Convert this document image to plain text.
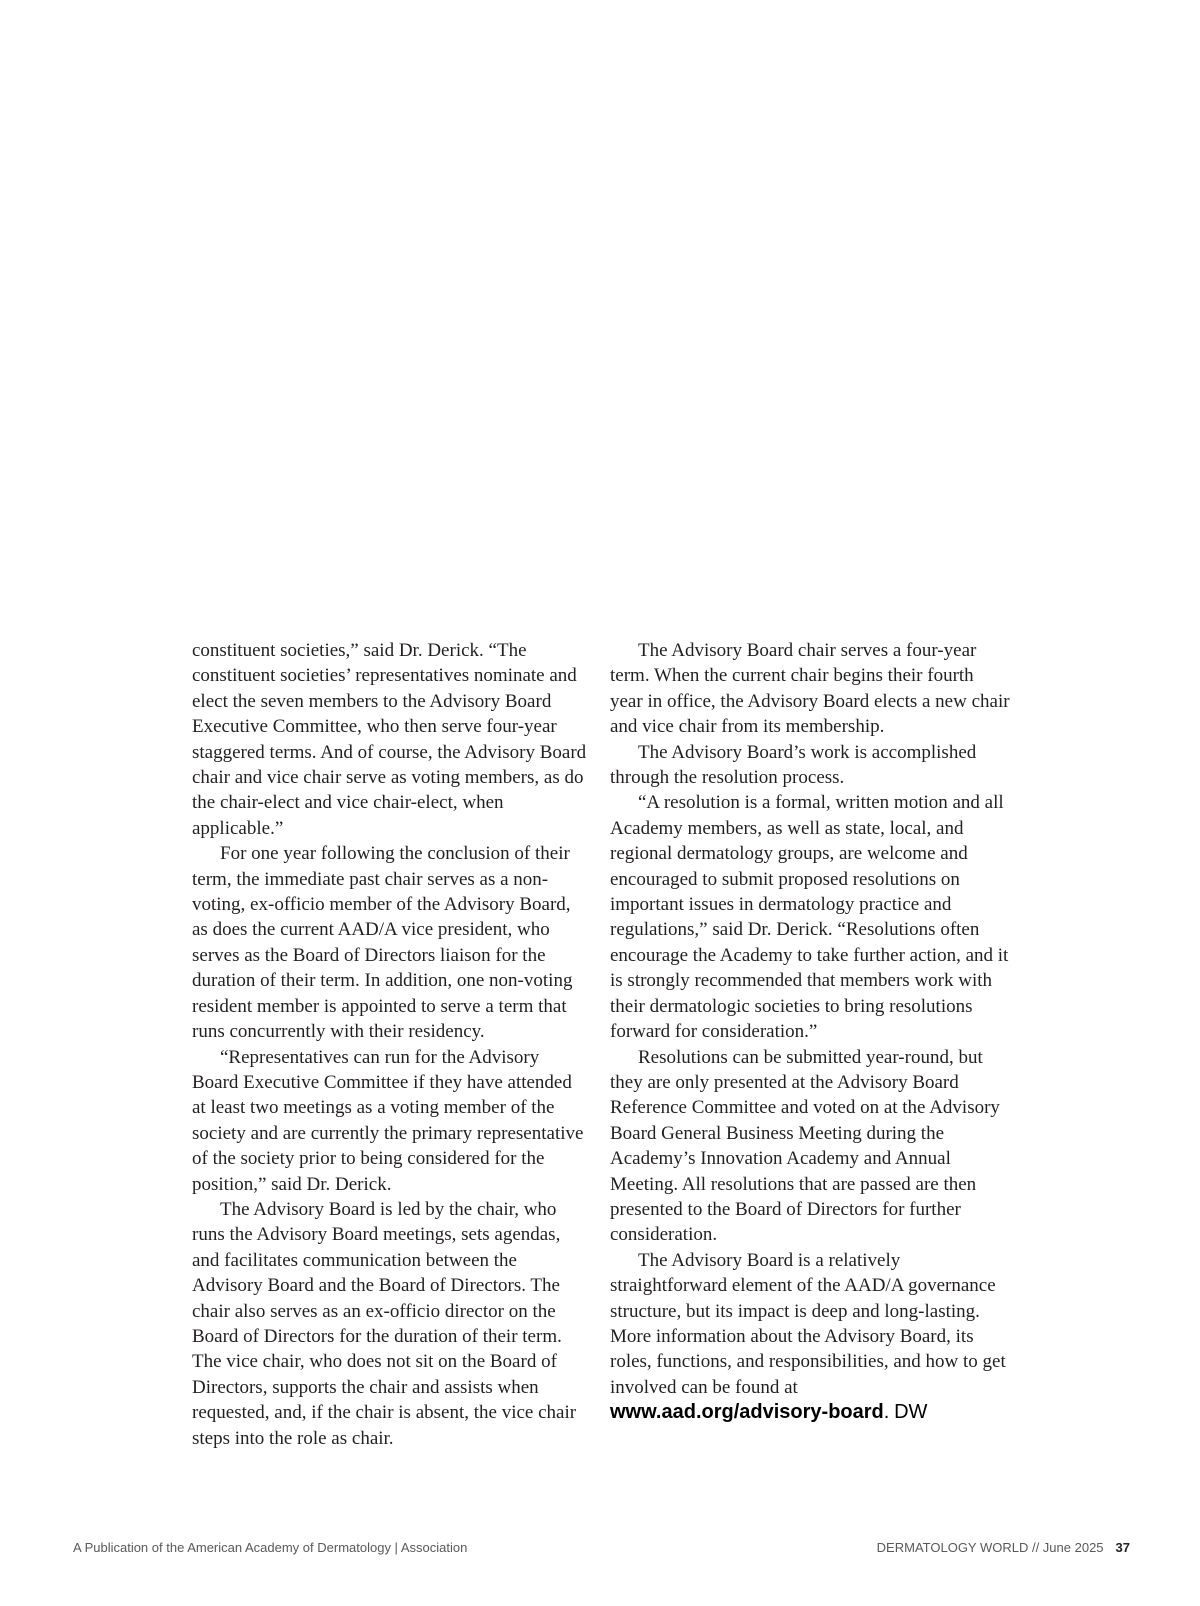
constituent societies,” said Dr. Derick. “The constituent societies’ representatives nominate and elect the seven members to the Advisory Board Executive Committee, who then serve four-year staggered terms. And of course, the Advisory Board chair and vice chair serve as voting members, as do the chair-elect and vice chair-elect, when applicable.”

For one year following the conclusion of their term, the immediate past chair serves as a non-voting, ex-officio member of the Advisory Board, as does the current AAD/A vice president, who serves as the Board of Directors liaison for the duration of their term. In addition, one non-voting resident member is appointed to serve a term that runs concurrently with their residency.

“Representatives can run for the Advisory Board Executive Committee if they have attended at least two meetings as a voting member of the society and are currently the primary representative of the society prior to being considered for the position,” said Dr. Derick.

The Advisory Board is led by the chair, who runs the Advisory Board meetings, sets agendas, and facilitates communication between the Advisory Board and the Board of Directors. The chair also serves as an ex-officio director on the Board of Directors for the duration of their term. The vice chair, who does not sit on the Board of Directors, supports the chair and assists when requested, and, if the chair is absent, the vice chair steps into the role as chair.

The Advisory Board chair serves a four-year term. When the current chair begins their fourth year in office, the Advisory Board elects a new chair and vice chair from its membership.

The Advisory Board’s work is accomplished through the resolution process.

“A resolution is a formal, written motion and all Academy members, as well as state, local, and regional dermatology groups, are welcome and encouraged to submit proposed resolutions on important issues in dermatology practice and regulations,” said Dr. Derick. “Resolutions often encourage the Academy to take further action, and it is strongly recommended that members work with their dermatologic societies to bring resolutions forward for consideration.”

Resolutions can be submitted year-round, but they are only presented at the Advisory Board Reference Committee and voted on at the Advisory Board General Business Meeting during the Academy’s Innovation Academy and Annual Meeting. All resolutions that are passed are then presented to the Board of Directors for further consideration.

The Advisory Board is a relatively straightforward element of the AAD/A governance structure, but its impact is deep and long-lasting. More information about the Advisory Board, its roles, functions, and responsibilities, and how to get involved can be found at www.aad.org/advisory-board. DW

A Publication of the American Academy of Dermatology | Association	DERMATOLOGY WORLD // June 2025 37
